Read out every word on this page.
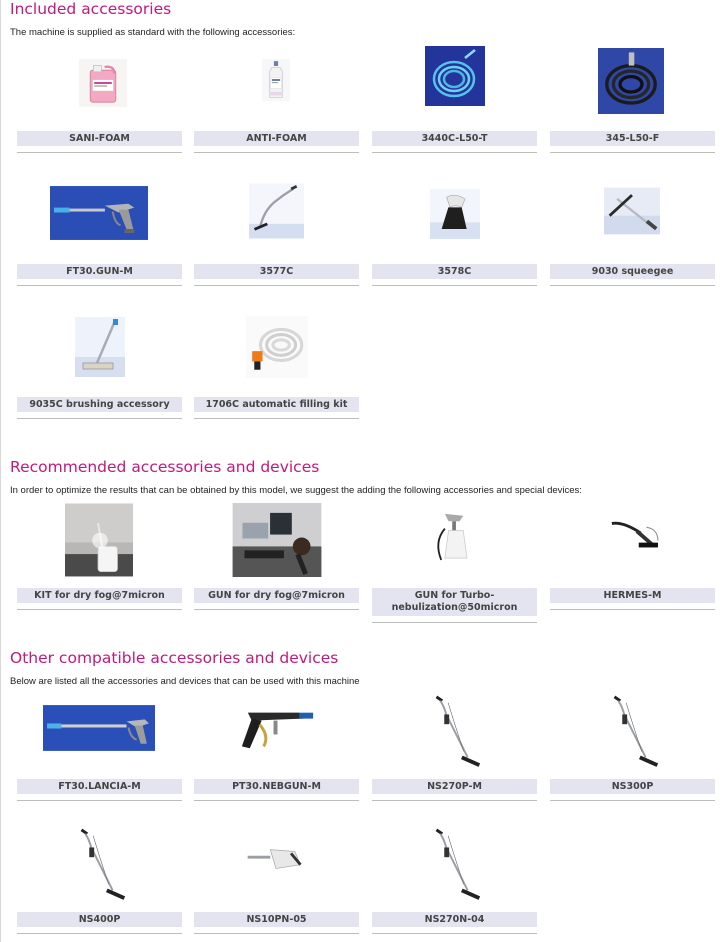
Included accessories

The machine is supplied as standard with the following accessories:

SANI-FOAM	ANTI-FOAM	3440C-L50-T	345-L50-F
FT30.GUN-M	3577C	3578C	9030 squeegee
9035C brushing accessory	1706C automatic filling kit
Recommended accessories and devices

In order to optimize the results that can be obtained by this model, we suggest the adding the following accessories and special devices:

KIT for dry fog@7micron	GUN for dry fog@7micron	GUN for Turbo-nebulization@50micron
HERMES-M
Other compatible accessories and devices

Below are listed all the accessories and devices that can be used with this machine

FT30.LANCIA-M	PT30.NEBGUN-M	NS270P-M	NS300P
NS400P	NS10PN-05	NS270N-04
